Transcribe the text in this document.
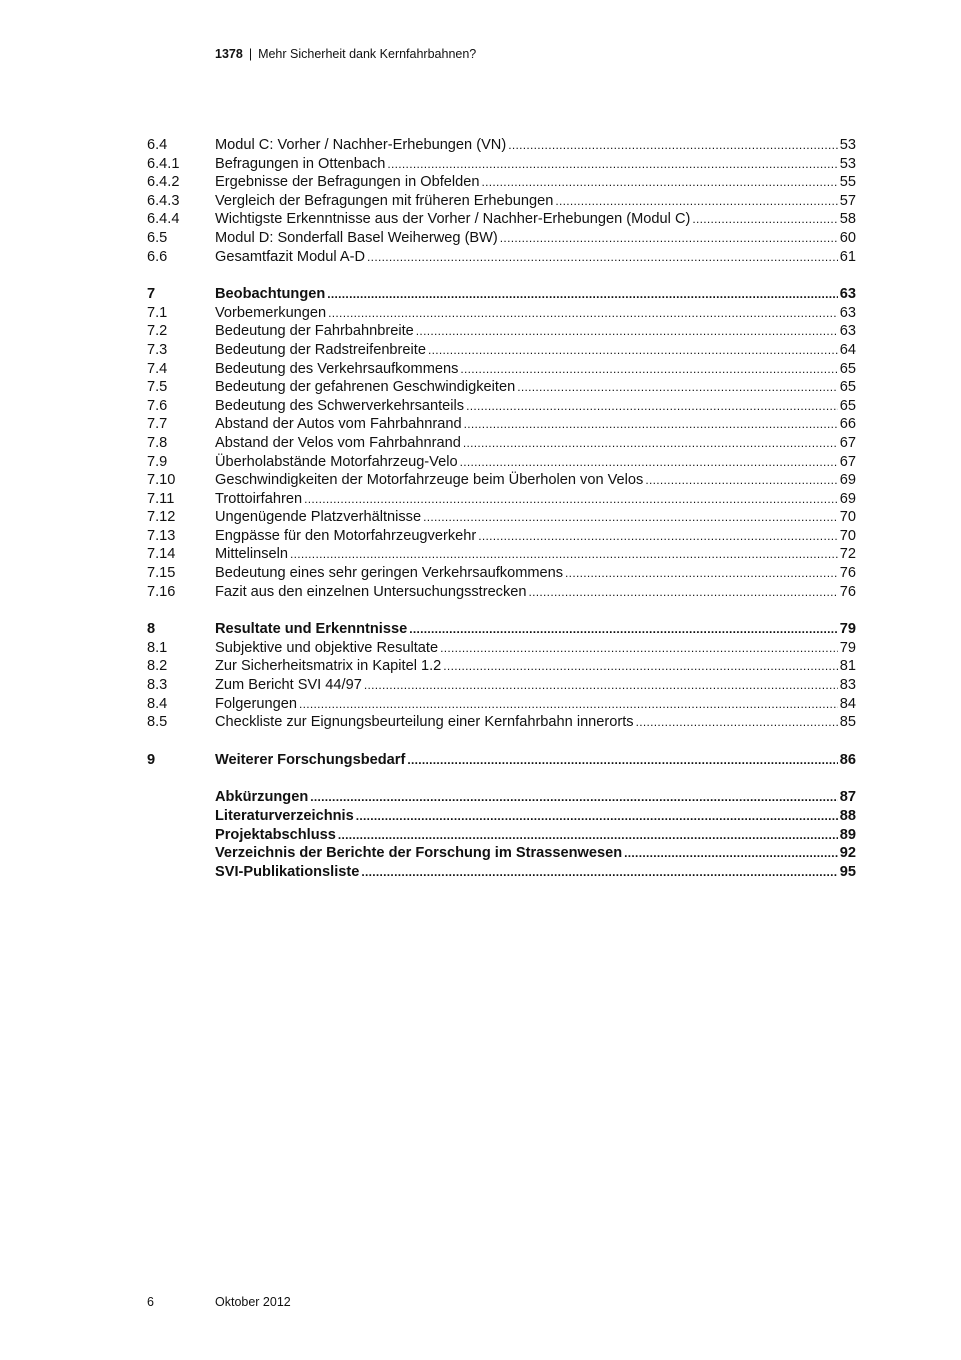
1378 | Mehr Sicherheit dank Kernfahrbahnen?
6.4	Modul C: Vorher / Nachher-Erhebungen (VN) .....	53
6.4.1	Befragungen in Ottenbach .....	53
6.4.2	Ergebnisse der Befragungen in Obfelden .....	55
6.4.3	Vergleich der Befragungen mit früheren Erhebungen .....	57
6.4.4	Wichtigste Erkenntnisse aus der Vorher / Nachher-Erhebungen (Modul C) .....	58
6.5	Modul D: Sonderfall Basel Weiherweg (BW) .....	60
6.6	Gesamtfazit Modul A-D .....	61
7	Beobachtungen .....	63
7.1	Vorbemerkungen .....	63
7.2	Bedeutung der Fahrbahnbreite .....	63
7.3	Bedeutung der Radstreifenbreite .....	64
7.4	Bedeutung des Verkehrsaufkommens .....	65
7.5	Bedeutung der gefahrenen Geschwindigkeiten .....	65
7.6	Bedeutung des Schwerverkehrsanteils .....	65
7.7	Abstand der Autos vom Fahrbahnrand .....	66
7.8	Abstand der Velos vom Fahrbahnrand .....	67
7.9	Überholabstände Motorfahrzeug-Velo .....	67
7.10	Geschwindigkeiten der Motorfahrzeuge beim Überholen von Velos .....	69
7.11	Trottoirfahren .....	69
7.12	Ungenügende Platzverhältnisse .....	70
7.13	Engpässe für den Motorfahrzeugverkehr .....	70
7.14	Mittelinseln .....	72
7.15	Bedeutung eines sehr geringen Verkehrsaufkommens .....	76
7.16	Fazit aus den einzelnen Untersuchungsstrecken .....	76
8	Resultate und Erkenntnisse .....	79
8.1	Subjektive und objektive Resultate .....	79
8.2	Zur Sicherheitsmatrix in Kapitel 1.2 .....	81
8.3	Zum Bericht SVI 44/97 .....	83
8.4	Folgerungen .....	84
8.5	Checkliste zur Eignungsbeurteilung einer Kernfahrbahn innerorts .....	85
9	Weiterer Forschungsbedarf .....	86
Abkürzungen .....	87
Literaturverzeichnis .....	88
Projektabschluss .....	89
Verzeichnis der Berichte der Forschung im Strassenwesen .....	92
SVI-Publikationsliste .....	95
6	Oktober 2012
